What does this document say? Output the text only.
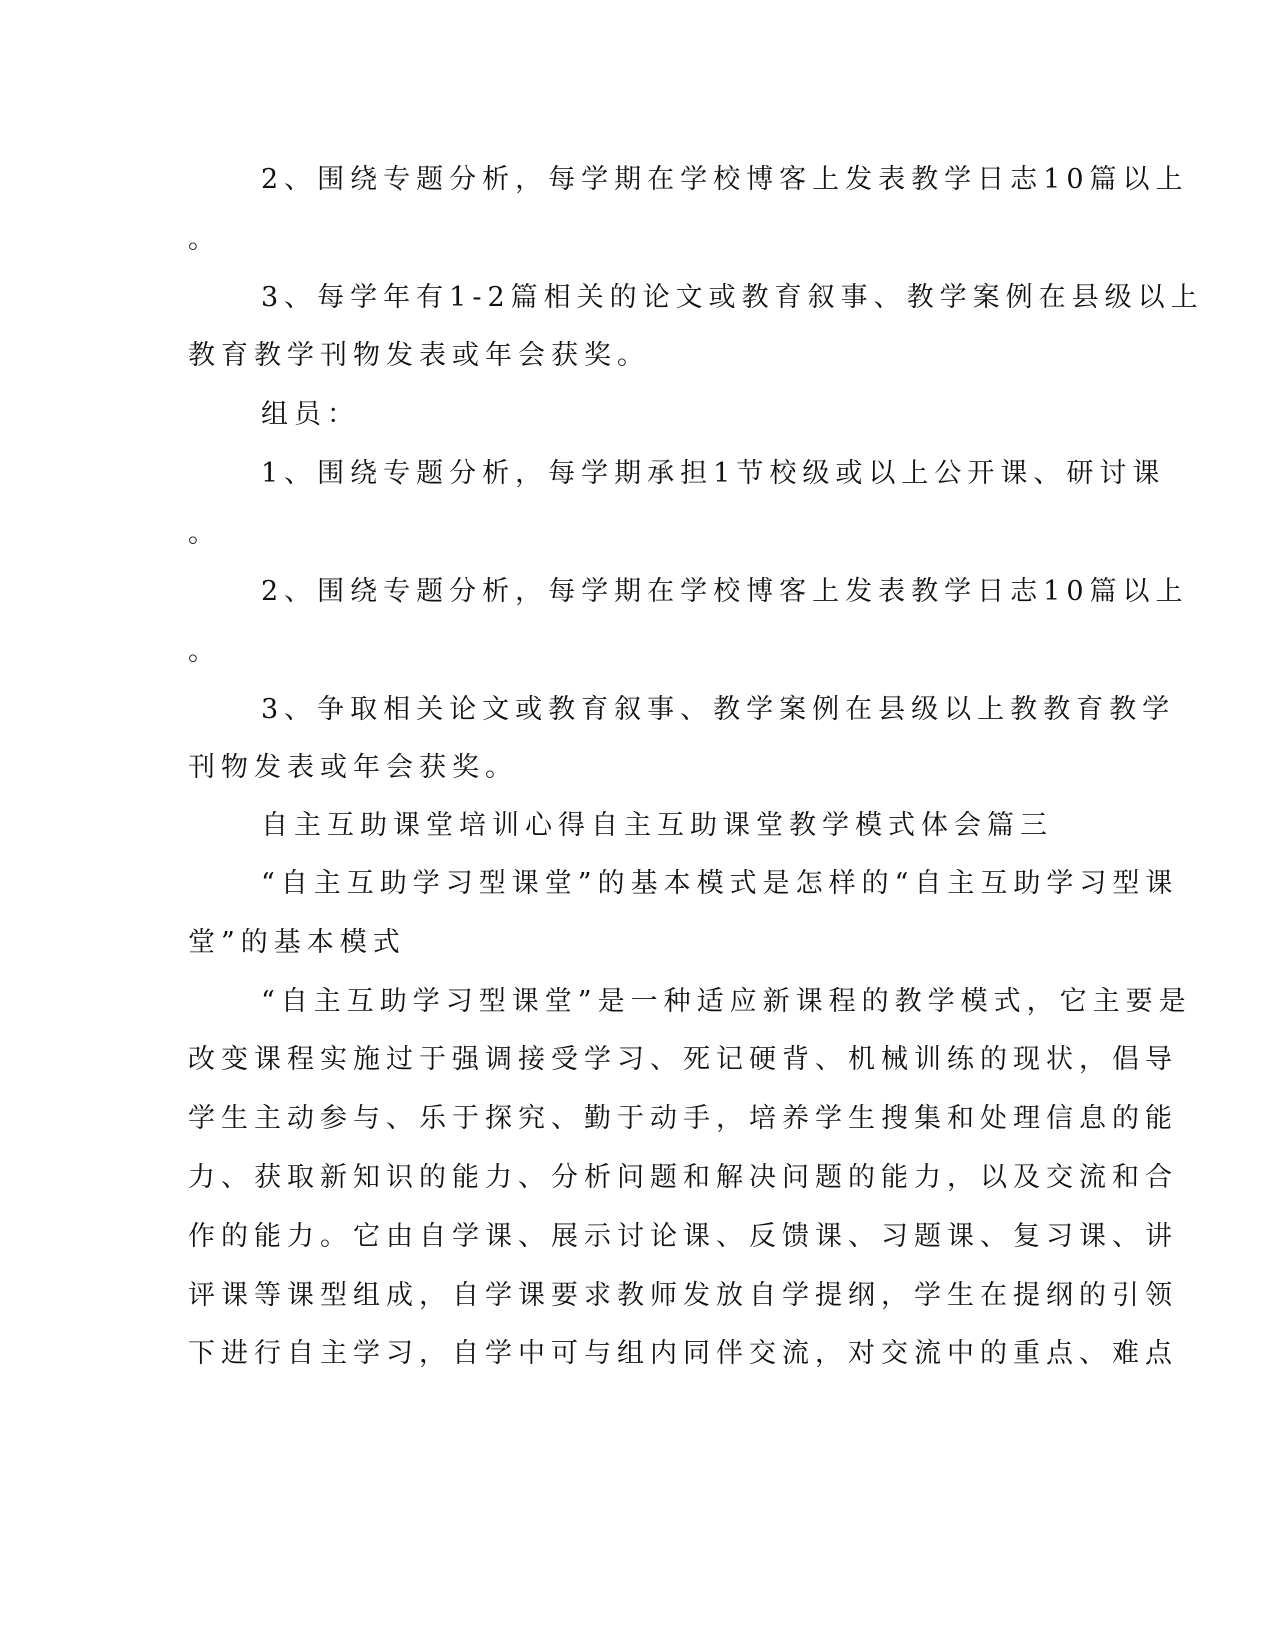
2、围绕专题分析，每学期在学校博客上发表教学日志10篇以上
。
3、每学年有1-2篇相关的论文或教育叙事、教学案例在县级以上
教育教学刊物发表或年会获奖。
组员：
1、围绕专题分析，每学期承担1节校级或以上公开课、研讨课
。
2、围绕专题分析，每学期在学校博客上发表教学日志10篇以上
。
3、争取相关论文或教育叙事、教学案例在县级以上教教育教学
刊物发表或年会获奖。
自主互助课堂培训心得自主互助课堂教学模式体会篇三
“自主互助学习型课堂”的基本模式是怎样的“自主互助学习型课
堂”的基本模式
“自主互助学习型课堂”是一种适应新课程的教学模式，它主要是
改变课程实施过于强调接受学习、死记硬背、机械训练的现状，倡导
学生主动参与、乐于探究、勤于动手，培养学生搜集和处理信息的能
力、获取新知识的能力、分析问题和解决问题的能力，以及交流和合
作的能力。它由自学课、展示讨论课、反馈课、习题课、复习课、讲
评课等课型组成，自学课要求教师发放自学提纲，学生在提纲的引领
下进行自主学习，自学中可与组内同伴交流，对交流中的重点、难点
